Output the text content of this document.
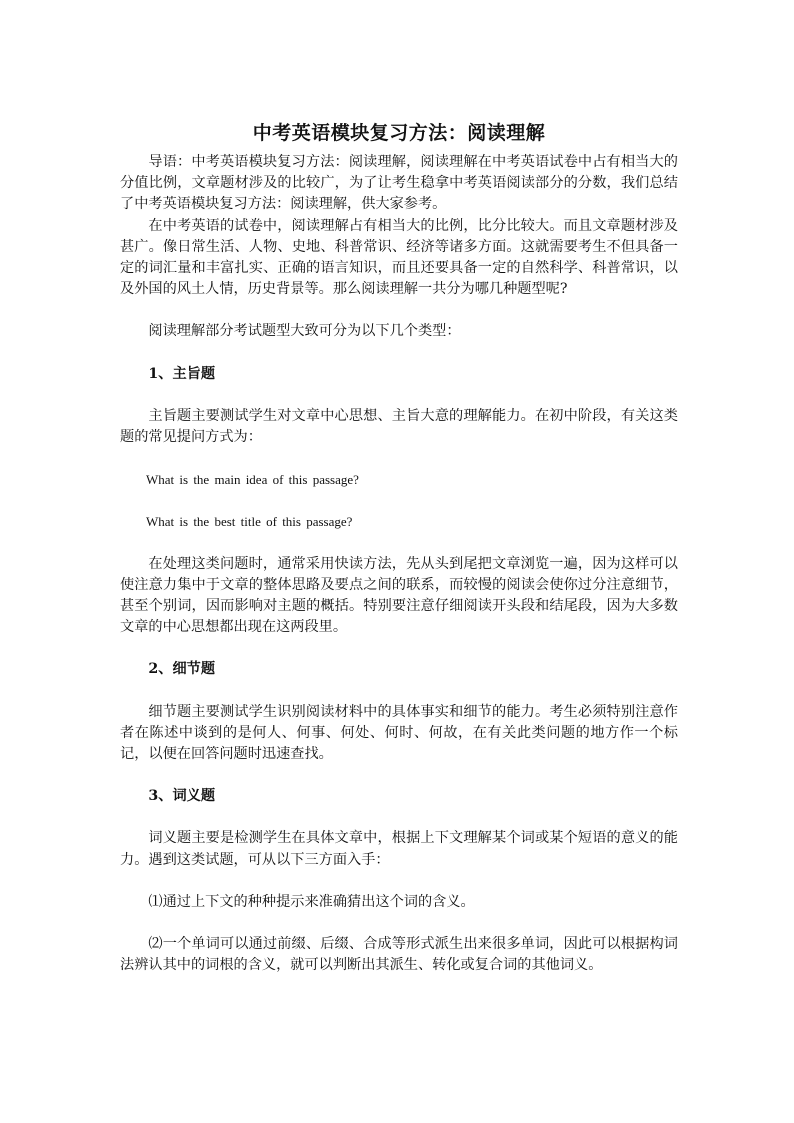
中考英语模块复习方法：阅读理解

导语：中考英语模块复习方法：阅读理解，阅读理解在中考英语试卷中占有相当大的分值比例，文章题材涉及的比较广，为了让考生稳拿中考英语阅读部分的分数，我们总结了中考英语模块复习方法：阅读理解，供大家参考。

在中考英语的试卷中，阅读理解占有相当大的比例，比分比较大。而且文章题材涉及甚广。像日常生活、人物、史地、科普常识、经济等诸多方面。这就需要考生不但具备一定的词汇量和丰富扎实、正确的语言知识，而且还要具备一定的自然科学、科普常识，以及外国的风土人情，历史背景等。那么阅读理解一共分为哪几种题型呢?

阅读理解部分考试题型大致可分为以下几个类型：

1、主旨题

主旨题主要测试学生对文章中心思想、主旨大意的理解能力。在初中阶段，有关这类题的常见提问方式为：

What is the main idea of this passage?

What is the best title of this passage?

在处理这类问题时，通常采用快读方法，先从头到尾把文章浏览一遍，因为这样可以使注意力集中于文章的整体思路及要点之间的联系，而较慢的阅读会使你过分注意细节，甚至个别词，因而影响对主题的概括。特别要注意仔细阅读开头段和结尾段，因为大多数文章的中心思想都出现在这两段里。

2、细节题

细节题主要测试学生识别阅读材料中的具体事实和细节的能力。考生必须特别注意作者在陈述中谈到的是何人、何事、何处、何时、何故，在有关此类问题的地方作一个标记，以便在回答问题时迅速查找。

3、词义题

词义题主要是检测学生在具体文章中，根据上下文理解某个词或某个短语的意义的能力。遇到这类试题，可从以下三方面入手：

⑴通过上下文的种种提示来准确猜出这个词的含义。

⑵一个单词可以通过前缀、后缀、合成等形式派生出来很多单词，因此可以根据构词法辨认其中的词根的含义，就可以判断出其派生、转化或复合词的其他词义。
